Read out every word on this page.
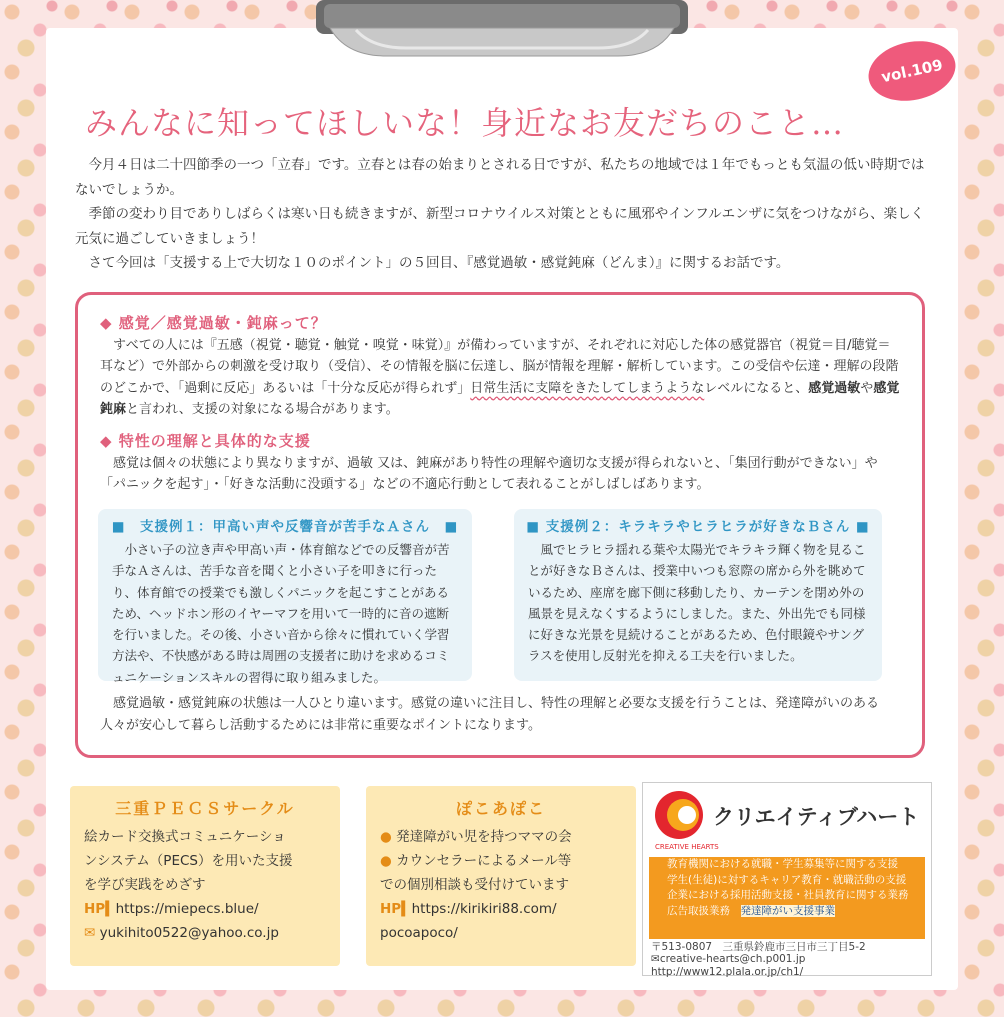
vol.109
みんなに知ってほしいな！身近なお友だちのこと…

今月４日は二十四節季の一つ「立春」です。立春とは春の始まりとされる日ですが、私たちの地域では１年でもっとも気温の低い時期ではないでしょうか。

季節の変わり目でありしばらくは寒い日も続きますが、新型コロナウイルス対策とともに風邪やインフルエンザに気をつけながら、楽しく元気に過ごしていきましょう！

さて今回は「支援する上で大切な１０のポイント」の５回目、『感覚過敏・感覚鈍麻（どんま）』に関するお話です。

◆ 感覚／感覚過敏・鈍麻って？

すべての人には『五感（視覚・聴覚・触覚・嗅覚・味覚）』が備わっていますが、それぞれに対応した体の感覚器官（視覚＝目/聴覚＝耳など）で外部からの刺激を受け取り（受信）、その情報を脳に伝達し、脳が情報を理解・解析しています。この受信や伝達・理解の段階のどこかで、「過剰に反応」あるいは「十分な反応が得られず」日常生活に支障をきたしてしまうようなレベルになると、感覚過敏や感覚鈍麻と言われ、支援の対象になる場合があります。

◆ 特性の理解と具体的な支援

感覚は個々の状態により異なりますが、過敏 又は、鈍麻があり特性の理解や適切な支援が得られないと、「集団行動ができない」や「パニックを起す」・「好きな活動に没頭する」などの不適応行動として表れることがしばしばあります。

■　支援例１：甲高い声や反響音が苦手なＡさん　■

小さい子の泣き声や甲高い声・体育館などでの反響音が苦手なＡさんは、苦手な音を聞くと小さい子を叩きに行ったり、体育館での授業でも激しくパニックを起こすことがあるため、ヘッドホン形のイヤーマフを用いて一時的に音の遮断を行いました。その後、小さい音から徐々に慣れていく学習方法や、不快感がある時は周囲の支援者に助けを求めるコミュニケーションスキルの習得に取り組みました。

■ 支援例２：キラキラやヒラヒラが好きなＢさん ■

風でヒラヒラ揺れる葉や太陽光でキラキラ輝く物を見ることが好きなＢさんは、授業中いつも窓際の席から外を眺めているため、座席を廊下側に移動したり、カーテンを閉め外の風景を見えなくするようにしました。また、外出先でも同様に好きな光景を見続けることがあるため、色付眼鏡やサングラスを使用し反射光を抑える工夫を行いました。

感覚過敏・感覚鈍麻の状態は一人ひとり違います。感覚の違いに注目し、特性の理解と必要な支援を行うことは、発達障がいのある人々が安心して暮らし活動するためには非常に重要なポイントになります。

三重ＰＥＣＳサークル
絵カード交換式コミュニケーショ
ンシステム（PECS）を用いた支援
を学び実践をめざす
HP▍https://miepecs.blue/
✉ yukihito0522@yahoo.co.jp
ぽこあぽこ
● 発達障がい児を持つママの会
● カウンセラーによるメール等
での個別相談も受付けています
HP▍https://kirikiri88.com/
pocoapoco/
クリエイティブハート
CREATIVE HEARTS
教育機関における就職・学生募集等に関する支援
学生(生徒)に対するキャリア教育・就職活動の支援
企業における採用活動支援・社員教育に関する業務
広告取扱業務　 発達障がい支援事業
〒513-0807　三重県鈴鹿市三日市三丁目5-2
✉creative-hearts@ch.p001.jp
http://www12.plala.or.jp/ch1/
